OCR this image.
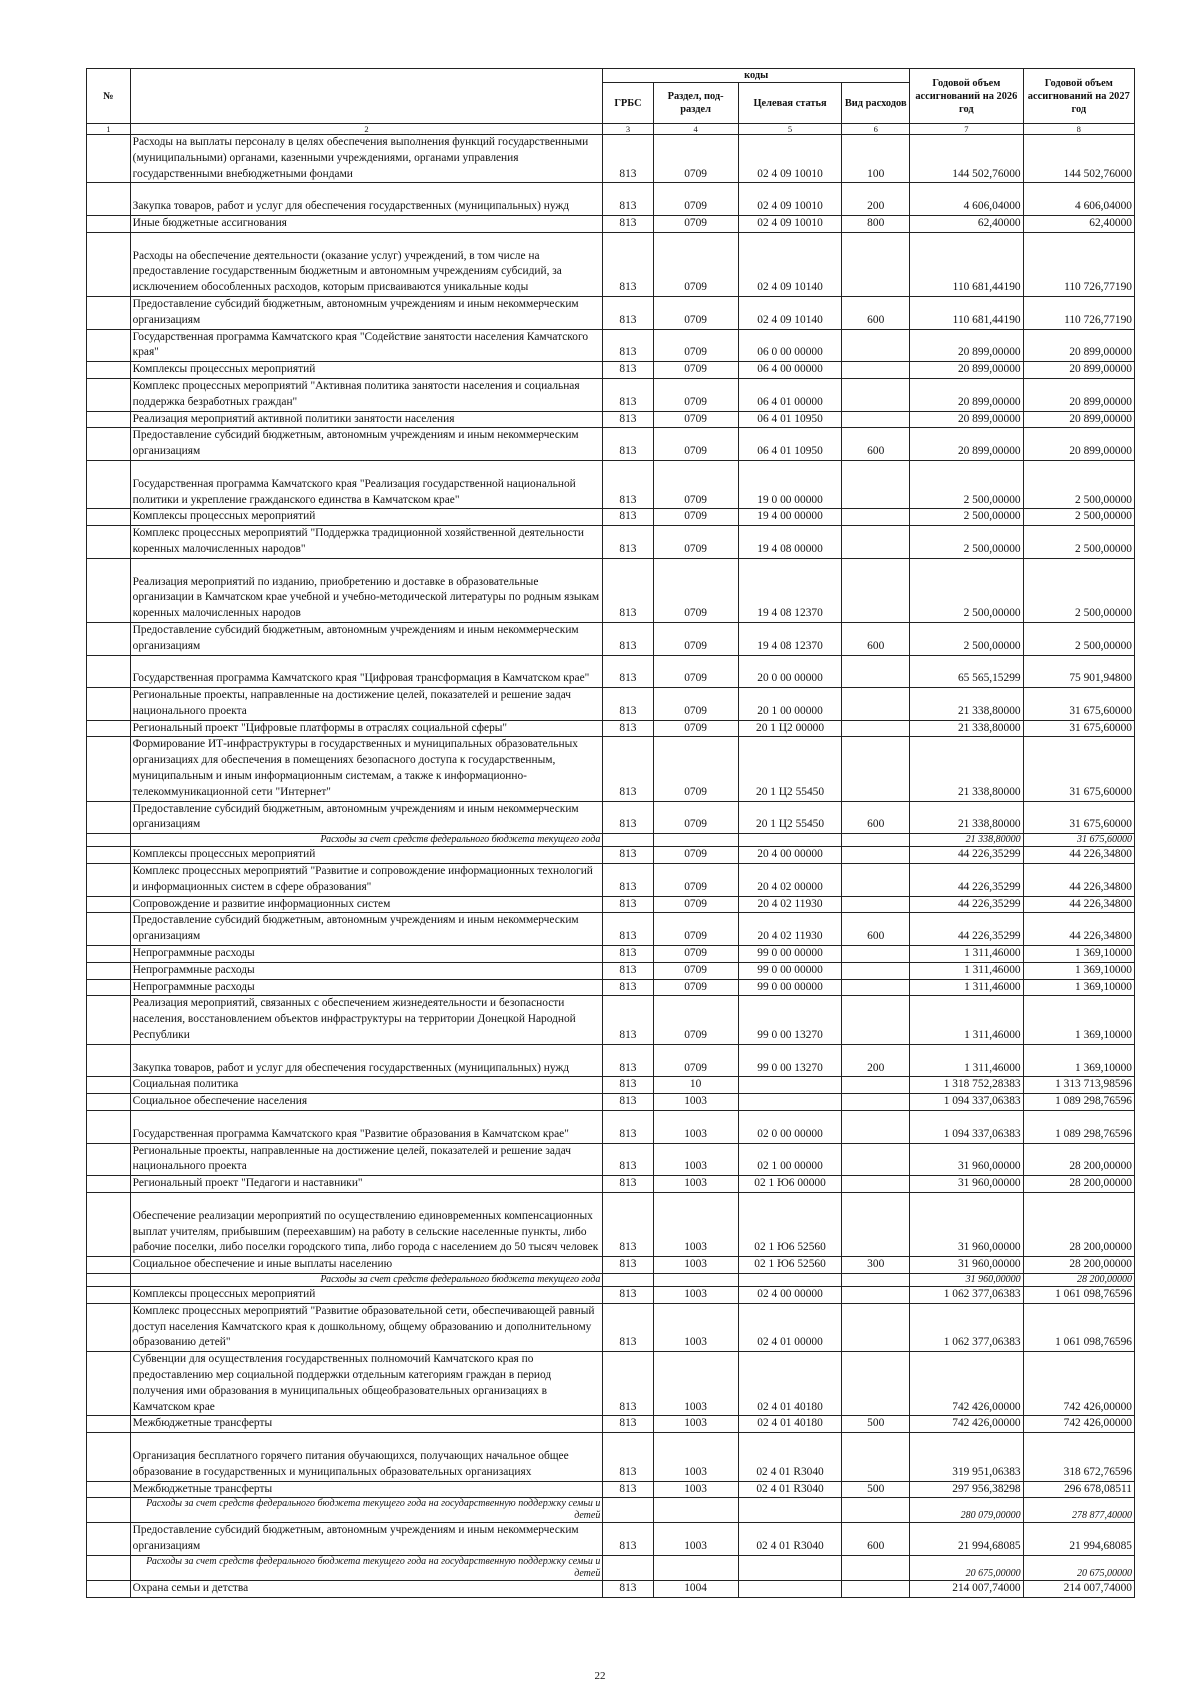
№		коды				Годовой объем ассигнований на 2026 год	Годовой объем ассигнований на 2027 год
		ГРБС	Раздел, под-раздел	Целевая статья	Вид расходов		
1	2	3	4	5	6	7	8
	Расходы на выплаты персоналу в целях обеспечения выполнения функций государственными (муниципальными) органами, казенными учреждениями, органами управления государственными внебюджетными фондами	813	0709	02 4 09 10010	100	144 502,76000	144 502,76000
	Закупка товаров, работ и услуг для обеспечения государственных (муниципальных) нужд	813	0709	02 4 09 10010	200	4 606,04000	4 606,04000
	Иные бюджетные ассигнования	813	0709	02 4 09 10010	800	62,40000	62,40000
	Расходы на обеспечение деятельности (оказание услуг) учреждений, в том числе на предоставление государственным бюджетным и автономным учреждениям субсидий, за исключением обособленных расходов, которым присваиваются уникальные коды	813	0709	02 4 09 10140		110 681,44190	110 726,77190
	Предоставление субсидий бюджетным, автономным учреждениям и иным некоммерческим организациям	813	0709	02 4 09 10140	600	110 681,44190	110 726,77190
	Государственная программа Камчатского края "Содействие занятости населения Камчатского края"	813	0709	06 0 00 00000		20 899,00000	20 899,00000
	Комплексы процессных мероприятий	813	0709	06 4 00 00000		20 899,00000	20 899,00000
	Комплекс процессных мероприятий "Активная политика занятости населения и социальная поддержка безработных граждан"	813	0709	06 4 01 00000		20 899,00000	20 899,00000
	Реализация мероприятий активной политики занятости населения	813	0709	06 4 01 10950		20 899,00000	20 899,00000
	Предоставление субсидий бюджетным, автономным учреждениям и иным некоммерческим организациям	813	0709	06 4 01 10950	600	20 899,00000	20 899,00000
	Государственная программа Камчатского края "Реализация государственной национальной политики и укрепление гражданского единства в Камчатском крае"	813	0709	19 0 00 00000		2 500,00000	2 500,00000
	Комплексы процессных мероприятий	813	0709	19 4 00 00000		2 500,00000	2 500,00000
	Комплекс процессных мероприятий "Поддержка традиционной хозяйственной деятельности коренных малочисленных народов"	813	0709	19 4 08 00000		2 500,00000	2 500,00000
	Реализация мероприятий по изданию, приобретению и доставке в образовательные организации в Камчатском крае учебной и учебно-методической литературы по родным языкам коренных малочисленных народов	813	0709	19 4 08 12370		2 500,00000	2 500,00000
	Предоставление субсидий бюджетным, автономным учреждениям и иным некоммерческим организациям	813	0709	19 4 08 12370	600	2 500,00000	2 500,00000
	Государственная программа Камчатского края "Цифровая трансформация в Камчатском крае"	813	0709	20 0 00 00000		65 565,15299	75 901,94800
	Региональные проекты, направленные на достижение целей, показателей и решение задач национального проекта	813	0709	20 1 00 00000		21 338,80000	31 675,60000
	Региональный проект "Цифровые платформы в отраслях социальной сферы"	813	0709	20 1 Ц2 00000		21 338,80000	31 675,60000
	Формирование ИТ-инфраструктуры в государственных и муниципальных образовательных организациях для обеспечения в помещениях безопасного доступа к государственным, муниципальным и иным информационным системам, а также к информационно-телекоммуникационной сети "Интернет"	813	0709	20 1 Ц2 55450		21 338,80000	31 675,60000
	Предоставление субсидий бюджетным, автономным учреждениям и иным некоммерческим организациям	813	0709	20 1 Ц2 55450	600	21 338,80000	31 675,60000
	Расходы за счет средств федерального бюджета текущего года					21 338,80000	31 675,60000
	Комплексы процессных мероприятий	813	0709	20 4 00 00000		44 226,35299	44 226,34800
	Комплекс процессных мероприятий "Развитие и сопровождение информационных технологий и информационных систем в сфере образования"	813	0709	20 4 02 00000		44 226,35299	44 226,34800
	Сопровождение и развитие информационных систем	813	0709	20 4 02 11930		44 226,35299	44 226,34800
	Предоставление субсидий бюджетным, автономным учреждениям и иным некоммерческим организациям	813	0709	20 4 02 11930	600	44 226,35299	44 226,34800
	Непрограммные расходы	813	0709	99 0 00 00000		1 311,46000	1 369,10000
	Непрограммные расходы	813	0709	99 0 00 00000		1 311,46000	1 369,10000
	Непрограммные расходы	813	0709	99 0 00 00000		1 311,46000	1 369,10000
	Реализация мероприятий, связанных с обеспечением жизнедеятельности и безопасности населения, восстановлением объектов инфраструктуры на территории Донецкой Народной Республики	813	0709	99 0 00 13270		1 311,46000	1 369,10000
	Закупка товаров, работ и услуг для обеспечения государственных (муниципальных) нужд	813	0709	99 0 00 13270	200	1 311,46000	1 369,10000
	Социальная политика	813	10			1 318 752,28383	1 313 713,98596
	Социальное обеспечение населения	813	1003			1 094 337,06383	1 089 298,76596
	Государственная программа Камчатского края "Развитие образования в Камчатском крае"	813	1003	02 0 00 00000		1 094 337,06383	1 089 298,76596
	Региональные проекты, направленные на достижение целей, показателей и решение задач национального проекта	813	1003	02 1 00 00000		31 960,00000	28 200,00000
	Региональный проект "Педагоги и наставники"	813	1003	02 1 Ю6 00000		31 960,00000	28 200,00000
	Обеспечение реализации мероприятий по осуществлению единовременных компенсационных выплат учителям, прибывшим (переехавшим) на работу в сельские населенные пункты, либо рабочие поселки, либо поселки городского типа, либо города с населением до 50 тысяч человек	813	1003	02 1 Ю6 52560		31 960,00000	28 200,00000
	Социальное обеспечение и иные выплаты населению	813	1003	02 1 Ю6 52560	300	31 960,00000	28 200,00000
	Расходы за счет средств федерального бюджета текущего года					31 960,00000	28 200,00000
	Комплексы процессных мероприятий	813	1003	02 4 00 00000		1 062 377,06383	1 061 098,76596
	Комплекс процессных мероприятий "Развитие образовательной сети, обеспечивающей равный доступ населения Камчатского края к дошкольному, общему образованию и дополнительному образованию детей"	813	1003	02 4 01 00000		1 062 377,06383	1 061 098,76596
	Субвенции для осуществления государственных полномочий Камчатского края по предоставлению мер социальной поддержки отдельным категориям граждан в период получения ими образования в муниципальных общеобразовательных организациях в Камчатском крае	813	1003	02 4 01 40180		742 426,00000	742 426,00000
	Межбюджетные трансферты	813	1003	02 4 01 40180	500	742 426,00000	742 426,00000
	Организация бесплатного горячего питания обучающихся, получающих начальное общее образование в государственных и муниципальных образовательных организациях	813	1003	02 4 01 R3040		319 951,06383	318 672,76596
	Межбюджетные трансферты	813	1003	02 4 01 R3040	500	297 956,38298	296 678,08511
	Расходы за счет средств федерального бюджета текущего года на государственную поддержку семьи и детей					280 079,00000	278 877,40000
	Предоставление субсидий бюджетным, автономным учреждениям и иным некоммерческим организациям	813	1003	02 4 01 R3040	600	21 994,68085	21 994,68085
	Расходы за счет средств федерального бюджета текущего года на государственную поддержку семьи и детей					20 675,00000	20 675,00000
	Охрана семьи и детства	813	1004			214 007,74000	214 007,74000
22
